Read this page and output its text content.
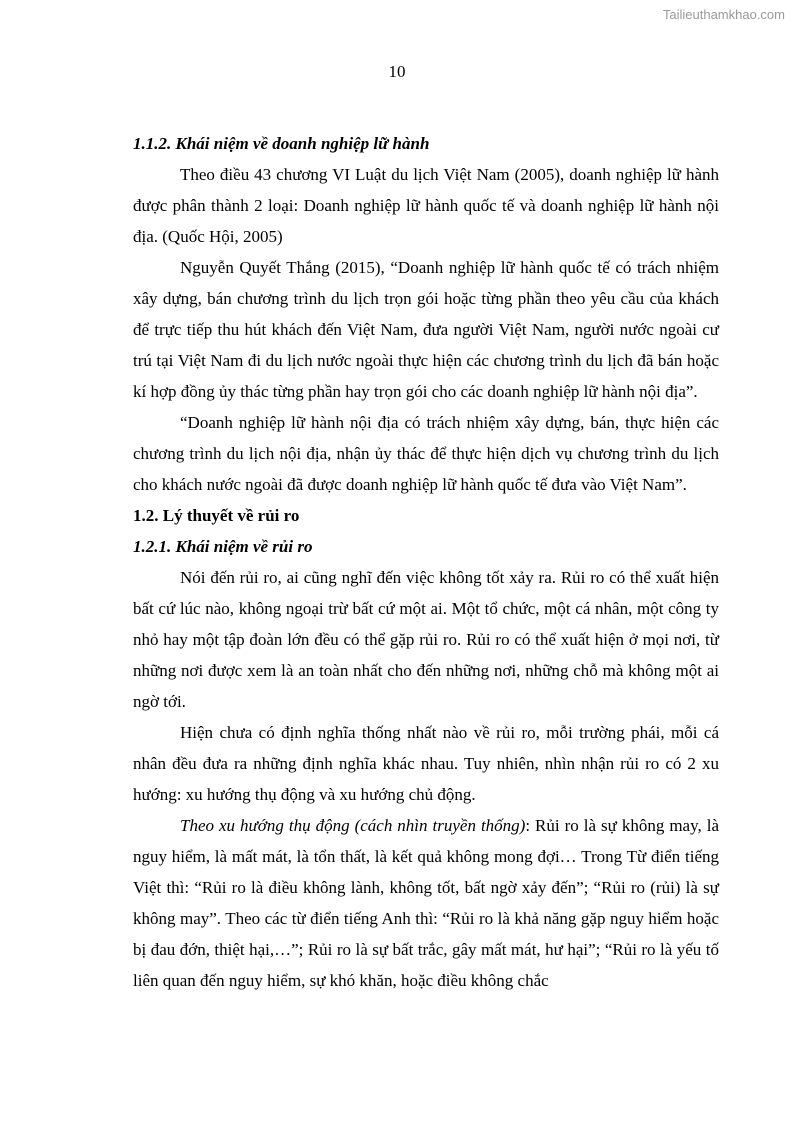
Tailieuthamkhao.com
10
1.1.2. Khái niệm về doanh nghiệp lữ hành

Theo điều 43 chương VI Luật du lịch Việt Nam (2005), doanh nghiệp lữ hành được phân thành 2 loại: Doanh nghiệp lữ hành quốc tế và doanh nghiệp lữ hành nội địa. (Quốc Hội, 2005)

Nguyễn Quyết Thắng (2015), “Doanh nghiệp lữ hành quốc tế có trách nhiệm xây dựng, bán chương trình du lịch trọn gói hoặc từng phần theo yêu cầu của khách để trực tiếp thu hút khách đến Việt Nam, đưa người Việt Nam, người nước ngoài cư trú tại Việt Nam đi du lịch nước ngoài thực hiện các chương trình du lịch đã bán hoặc kí hợp đồng ủy thác từng phần hay trọn gói cho các doanh nghiệp lữ hành nội địa”.

“Doanh nghiệp lữ hành nội địa có trách nhiệm xây dựng, bán, thực hiện các chương trình du lịch nội địa, nhận ủy thác để thực hiện dịch vụ chương trình du lịch cho khách nước ngoài đã được doanh nghiệp lữ hành quốc tế đưa vào Việt Nam”.

1.2. Lý thuyết về rủi ro
1.2.1. Khái niệm về rủi ro

Nói đến rủi ro, ai cũng nghĩ đến việc không tốt xảy ra. Rủi ro có thể xuất hiện bất cứ lúc nào, không ngoại trừ bất cứ một ai. Một tổ chức, một cá nhân, một công ty nhỏ hay một tập đoàn lớn đều có thể gặp rủi ro. Rủi ro có thể xuất hiện ở mọi nơi, từ những nơi được xem là an toàn nhất cho đến những nơi, những chỗ mà không một ai ngờ tới.

Hiện chưa có định nghĩa thống nhất nào về rủi ro, mỗi trường phái, mỗi cá nhân đều đưa ra những định nghĩa khác nhau. Tuy nhiên, nhìn nhận rủi ro có 2 xu hướng: xu hướng thụ động và xu hướng chủ động.

Theo xu hướng thụ động (cách nhìn truyền thống): Rủi ro là sự không may, là nguy hiểm, là mất mát, là tổn thất, là kết quả không mong đợi… Trong Từ điển tiếng Việt thì: “Rủi ro là điều không lành, không tốt, bất ngờ xảy đến”; “Rủi ro (rủi) là sự không may”. Theo các từ điển tiếng Anh thì: “Rủi ro là khả năng gặp nguy hiểm hoặc bị đau đớn, thiệt hại,…”; Rủi ro là sự bất trắc, gây mất mát, hư hại”; “Rủi ro là yếu tố liên quan đến nguy hiểm, sự khó khăn, hoặc điều không chắc
